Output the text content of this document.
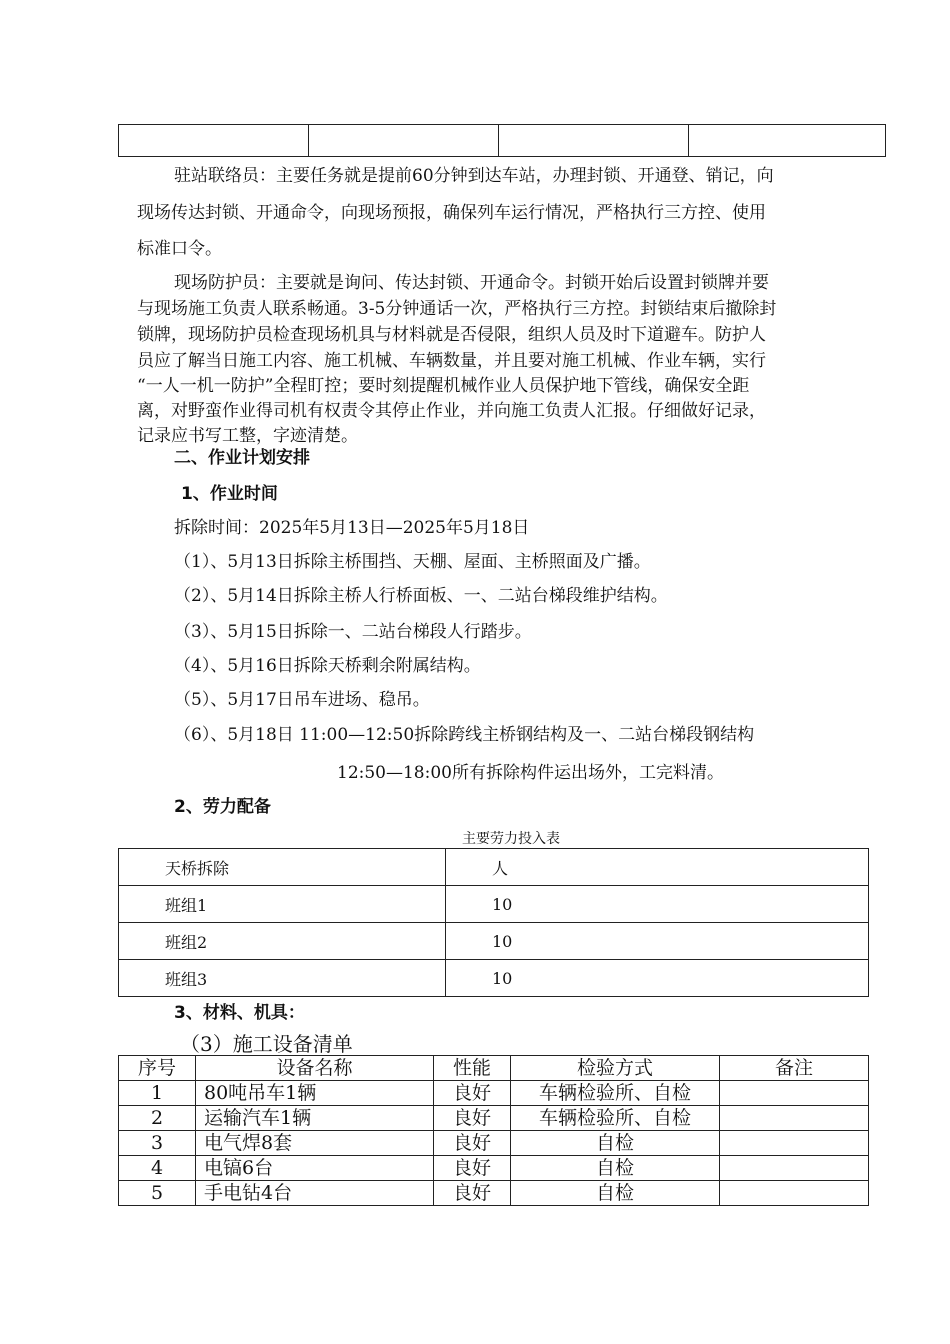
驻站联络员：主要任务就是提前60分钟到达车站，办理封锁、开通登、销记，向
现场传达封锁、开通命令，向现场预报，确保列车运行情况，严格执行三方控、使用
标准口令。
现场防护员：主要就是询问、传达封锁、开通命令。封锁开始后设置封锁牌并要
与现场施工负责人联系畅通。3-5分钟通话一次，严格执行三方控。封锁结束后撤除封
锁牌，现场防护员检查现场机具与材料就是否侵限，组织人员及时下道避车。防护人
员应了解当日施工内容、施工机械、车辆数量，并且要对施工机械、作业车辆，实行
“一人一机一防护”全程盯控；要时刻提醒机械作业人员保护地下管线，确保安全距
离，对野蛮作业得司机有权责令其停止作业，并向施工负责人汇报。仔细做好记录，
记录应书写工整，字迹清楚。
二、作业计划安排
1、作业时间
拆除时间：2025年5月13日—2025年5月18日
（1）、5月13日拆除主桥围挡、天棚、屋面、主桥照面及广播。
（2）、5月14日拆除主桥人行桥面板、一、二站台梯段维护结构。
（3）、5月15日拆除一、二站台梯段人行踏步。
（4）、5月16日拆除天桥剩余附属结构。
（5）、5月17日吊车进场、稳吊。
（6）、5月18日 11:00—12:50拆除跨线主桥钢结构及一、二站台梯段钢结构
12:50—18:00所有拆除构件运出场外，工完料清。
2、劳力配备
主要劳力投入表
天桥拆除	人
班组1	10
班组2	10
班组3	10
3、材料、机具：
（3）施工设备清单
序号	设备名称	性能	检验方式	备注
1	80吨吊车1辆	良好	车辆检验所、自检	
2	运输汽车1辆	良好	车辆检验所、自检	
3	电气焊8套	良好	自检	
4	电镐6台	良好	自检	
5	手电钻4台	良好	自检	
